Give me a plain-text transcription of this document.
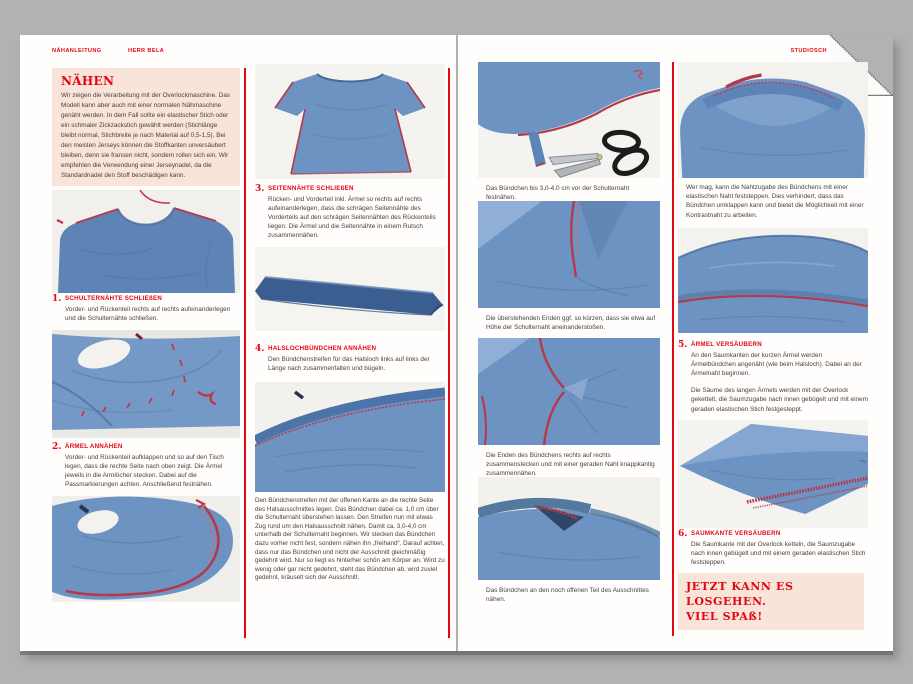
NÄHANLEITUNG	HERR BELA	STUDIOSCH
NÄHEN
Wir zeigen die Verarbeitung mit der Overlockmaschine. Das Modell kann aber auch mit einer normalen Nähmaschine genäht werden. In dem Fall sollte ein elastischer Stich oder ein schmaler Zickzackstich gewählt werden (Stichlänge bleibt normal, Stichbreite je nach Material auf 0,5-1,5). Bei den meisten Jerseys können die Stoffkanten unversäubert bleiben, denn sie fransen nicht, sondern rollen sich ein. Wir empfehlen die Verwendung einer Jerseynadel, da die Standardnadel den Stoff beschädigen kann.
1. SCHULTERNÄHTE SCHLIEßEN
Vorder- und Rückenteil rechts auf rechts aufeinanderlegen und die Schulternähte schließen.
2. ÄRMEL ANNÄHEN
Vorder- und Rückenteil aufklappen und so auf den Tisch legen, dass die rechte Seite nach oben zeigt. Die Ärmel jeweils in die Armlöcher stecken. Dabei auf die Passmarkierungen achten. Anschließend festnähen.
3. SEITENNÄHTE SCHLIEßEN
Rücken- und Vorderteil inkl. Ärmel so rechts auf rechts aufeinanderlegen, dass die schrägen Seitennähte des Vorderteils auf den schrägen Seitennähten des Rückenteils liegen. Die Ärmel und die Seitennähte in einem Rutsch zusammennähen.
4. HALSLOCHBÜNDCHEN ANNÄHEN
Den Bündchenstreifen für das Halsloch links auf links der Länge nach zusammenfalten und bügeln.
Den Bündchenstreifen mit der offenen Kante an die rechte Seite des Halsausschnittes legen. Das Bündchen dabei ca. 1,0 cm über die Schulternaht überstehen lassen. Den Streifen nun mit etwas Zug rund um den Halsausschnitt nähen. Damit ca. 3,0-4,0 cm unterhalb der Schulternaht beginnen. Wir stecken das Bündchen dazu vorher nicht fest, sondern nähen ihn „freihand“. Darauf achten, dass nur das Bündchen und nicht der Ausschnitt gleichmäßig gedehnt wird. Nur so liegt es hinterher schön am Körper an. Wird zu wenig oder gar nicht gedehnt, steht das Bündchen ab, wird zuviel gedehnt, kräuselt sich der Ausschnitt.
Das Bündchen bis 3,0-4,0 cm vor der Schulternaht festnähen.
Die überstehenden Enden ggf. so kürzen, dass sie etwa auf Höhe der Schulternaht aneinanderstoßen.
Die Enden des Bündchens rechts auf rechts zusammenstecken und mit einer geraden Naht knappkantig zusammennähen.
Das Bündchen an den noch offenen Teil des Ausschnittes nähen.
Wer mag, kann die Nahtzugabe des Bündchens mit einer elastischen Naht feststeppen. Dies verhindert, dass das Bündchen umklappen kann und bietet die Möglichkeit mit einer Kontrastnaht zu arbeiten.
5. ÄRMEL VERSÄUBERN
An den Saumkanten der kurzen Ärmel werden Ärmelbündchen angenäht (wie beim Halsloch). Dabei an der Ärmelnaht beginnen.
Die Säume des langen Ärmels werden mit der Overlock gekettelt, die Saumzugabe nach innen gebügelt und mit einem geraden elastischen Stich festgesteppt.
6. SAUMKANTE VERSÄUBERN
Die Saumkante mit der Overlock ketteln, die Saumzugabe nach innen gebügelt und mit einem geraden elastischen Stich feststeppen.
JETZT KANN ES LOSGEHEN.
VIEL SPAß!
